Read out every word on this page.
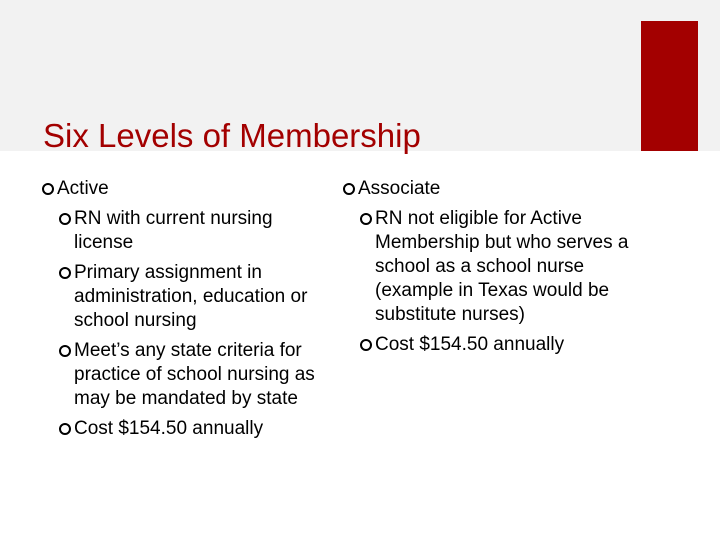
Six Levels of Membership
Active
RN with current nursing license
Primary assignment in administration, education or school nursing
Meet’s any state criteria for practice of school nursing as may be mandated by state
Cost $154.50 annually
Associate
RN not eligible for Active Membership but who serves a school as a school nurse (example in Texas would be substitute nurses)
Cost $154.50 annually
